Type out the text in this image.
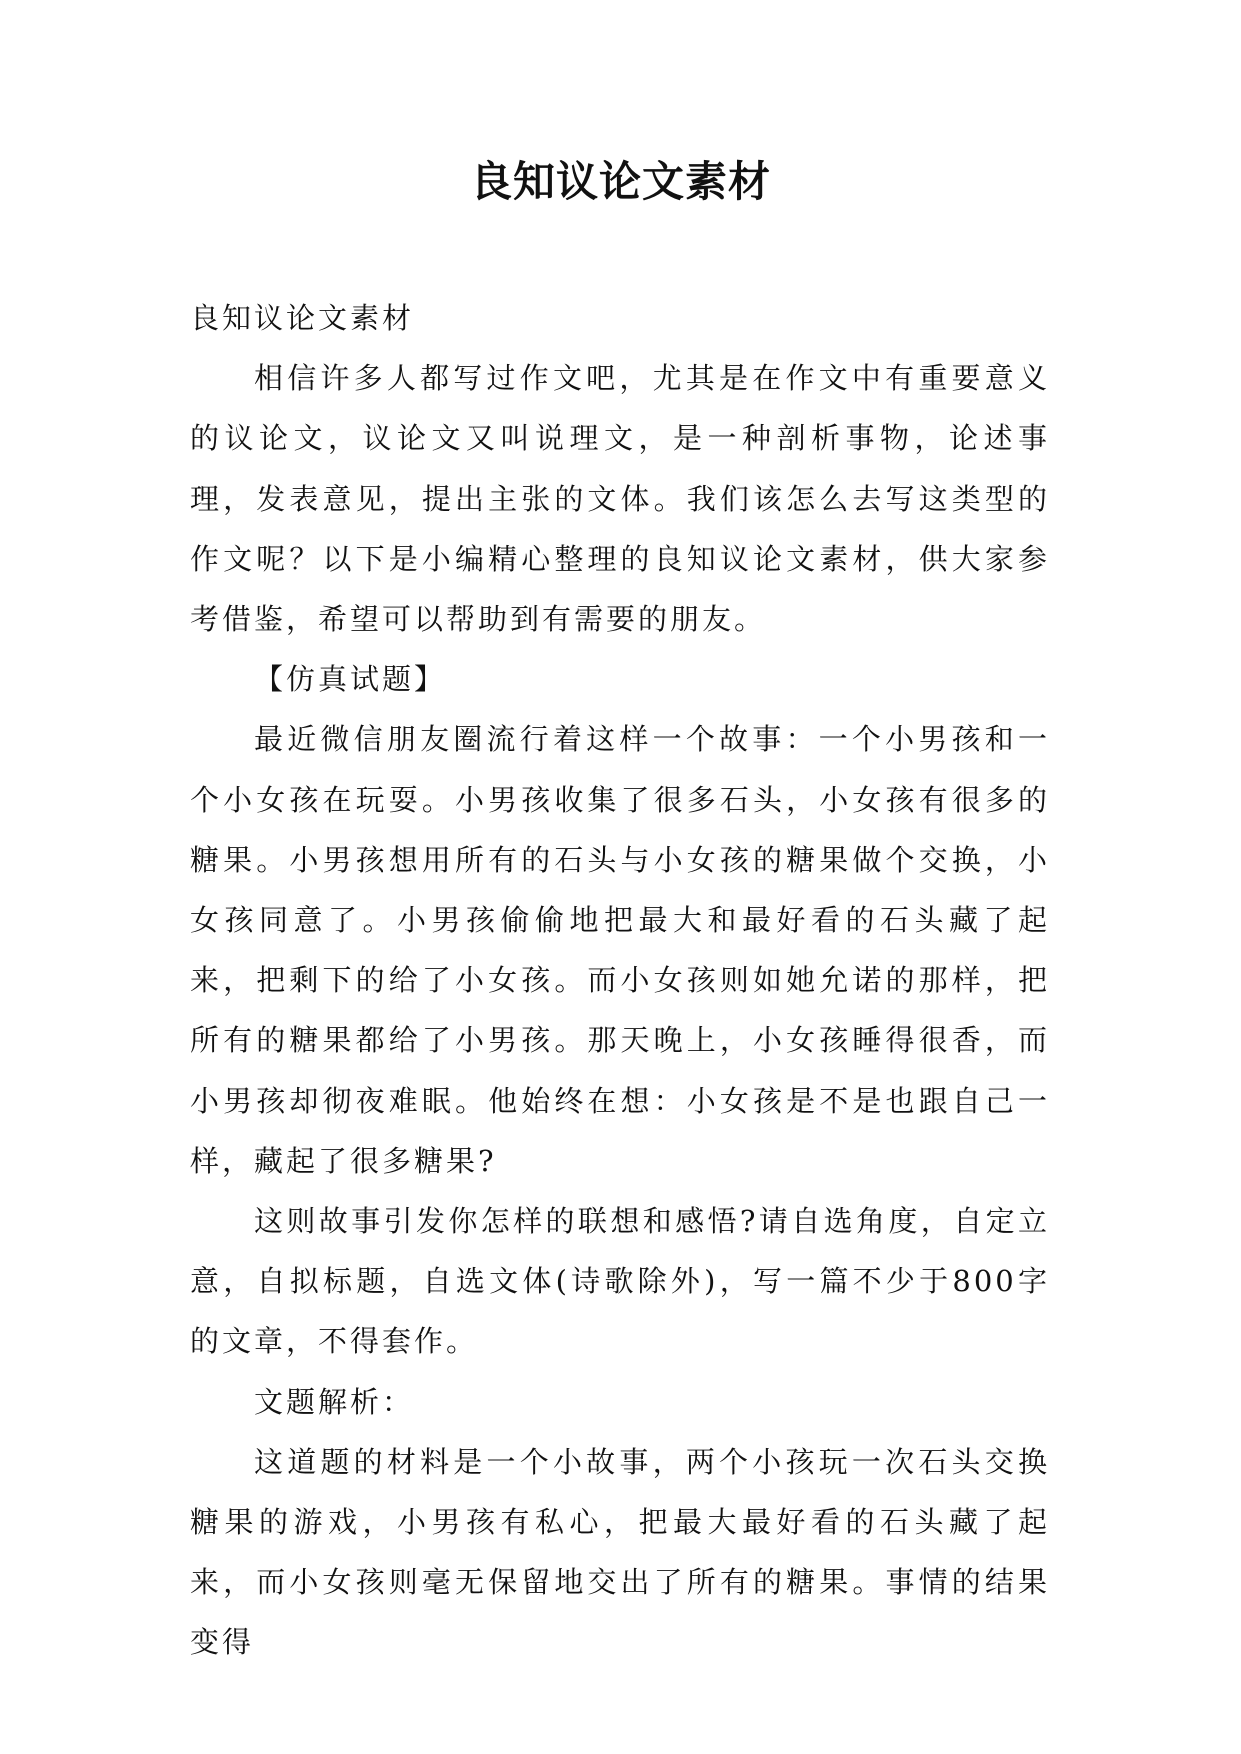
良知议论文素材

良知议论文素材

相信许多人都写过作文吧，尤其是在作文中有重要意义的议论文，议论文又叫说理文，是一种剖析事物，论述事理，发表意见，提出主张的文体。我们该怎么去写这类型的作文呢？以下是小编精心整理的良知议论文素材，供大家参考借鉴，希望可以帮助到有需要的朋友。

【仿真试题】

最近微信朋友圈流行着这样一个故事：一个小男孩和一个小女孩在玩耍。小男孩收集了很多石头，小女孩有很多的糖果。小男孩想用所有的石头与小女孩的糖果做个交换，小女孩同意了。小男孩偷偷地把最大和最好看的石头藏了起来，把剩下的给了小女孩。而小女孩则如她允诺的那样，把所有的糖果都给了小男孩。那天晚上，小女孩睡得很香，而小男孩却彻夜难眠。他始终在想：小女孩是不是也跟自己一样，藏起了很多糖果?

这则故事引发你怎样的联想和感悟?请自选角度，自定立意，自拟标题，自选文体(诗歌除外)，写一篇不少于800字的文章，不得套作。

文题解析：

这道题的材料是一个小故事，两个小孩玩一次石头交换糖果的游戏，小男孩有私心，把最大最好看的石头藏了起来，而小女孩则毫无保留地交出了所有的糖果。事情的结果变得
